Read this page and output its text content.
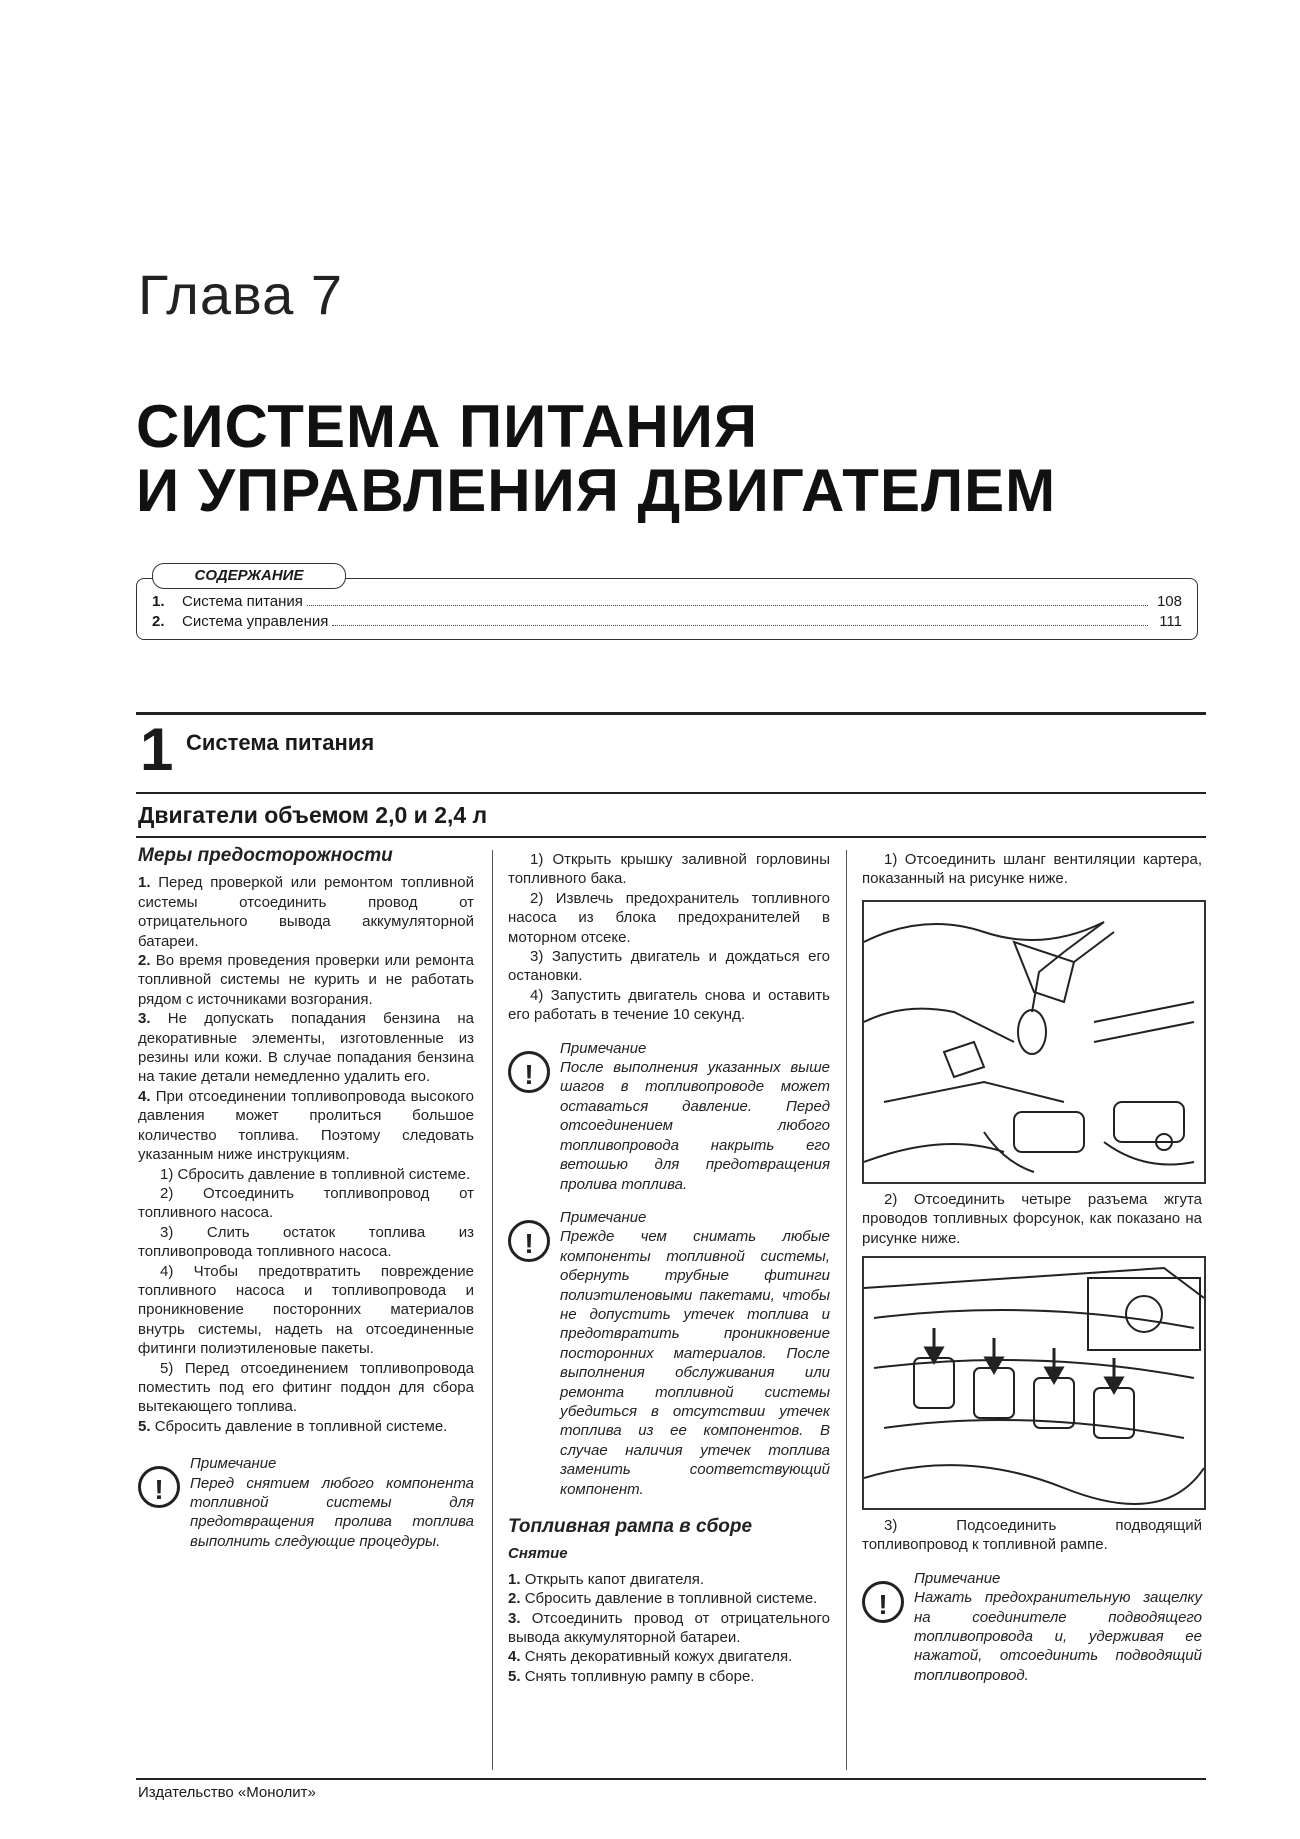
Глава 7
СИСТЕМА ПИТАНИЯ
И УПРАВЛЕНИЯ ДВИГАТЕЛЕМ
СОДЕРЖАНИЕ
1.	Система питания	108
2.	Система управления	111
1 Система питания
Двигатели объемом 2,0 и 2,4 л

Меры предосторожности

1. Перед проверкой или ремонтом топливной системы отсоединить провод от отрицательного вывода аккумуляторной батареи.

2. Во время проведения проверки или ремонта топливной системы не курить и не работать рядом с источниками возгорания.

3. Не допускать попадания бензина на декоративные элементы, изготовленные из резины или кожи. В случае попадания бензина на такие детали немедленно удалить его.

4. При отсоединении топливопровода высокого давления может пролиться большое количество топлива. Поэтому следовать указанным ниже инструкциям.

1) Сбросить давление в топливной системе.

2) Отсоединить топливопровод от топливного насоса.

3) Слить остаток топлива из топливопровода топливного насоса.

4) Чтобы предотвратить повреждение топливного насоса и топливопровода и проникновение посторонних материалов внутрь системы, надеть на отсоединенные фитинги полиэтиленовые пакеты.

5) Перед отсоединением топливопровода поместить под его фитинг поддон для сбора вытекающего топлива.

5. Сбросить давление в топливной системе.

!
Примечание
Перед снятием любого компонента топливной системы для предотвращения пролива топлива выполнить следующие процедуры.

1) Открыть крышку заливной горловины топливного бака.

2) Извлечь предохранитель топливного насоса из блока предохранителей в моторном отсеке.

3) Запустить двигатель и дождаться его остановки.

4) Запустить двигатель снова и оставить его работать в течение 10 секунд.

!
Примечание
После выполнения указанных выше шагов в топливопроводе может оставаться давление. Перед отсоединением любого топливопровода накрыть его ветошью для предотвращения пролива топлива.
!
Примечание
Прежде чем снимать любые компоненты топливной системы, обернуть трубные фитинги полиэтиленовыми пакетами, чтобы не допустить утечек топлива и предотвратить проникновение посторонних материалов. После выполнения обслуживания или ремонта топливной системы убедиться в отсутствии утечек топлива из ее компонентов. В случае наличия утечек топлива заменить соответствующий компонент.

Топливная рампа в сборе

Снятие

1. Открыть капот двигателя.

2. Сбросить давление в топливной системе.

3. Отсоединить провод от отрицательного вывода аккумуляторной батареи.

4. Снять декоративный кожух двигателя.

5. Снять топливную рампу в сборе.

1) Отсоединить шланг вентиляции картера, показанный на рисунке ниже.

2) Отсоединить четыре разъема жгута проводов топливных форсунок, как показано на рисунке ниже.

3) Подсоединить подводящий топливопровод к топливной рампе.

!
Примечание
Нажать предохранительную защелку на соединителе подводящего топливопровода и, удерживая ее нажатой, отсоединить подводящий топливопровод.
Издательство «Монолит»
